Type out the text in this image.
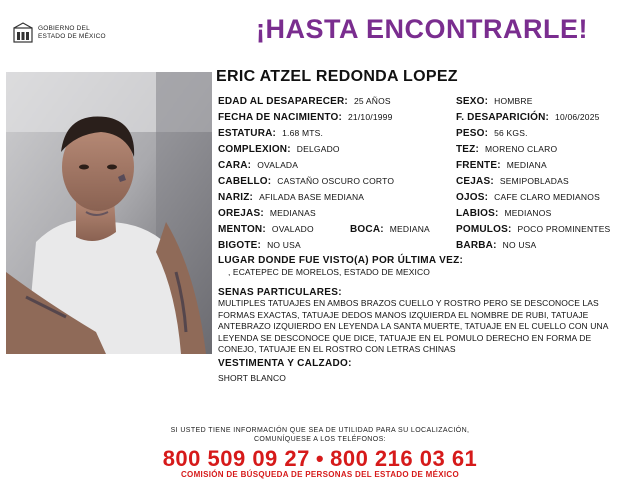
GOBIERNO DEL
ESTADO DE MÉXICO	¡HASTA ENCONTRARLE!
ERIC ATZEL REDONDA LOPEZ
EDAD AL DESAPARECER: 25 AÑOS	SEXO: HOMBRE
FECHA DE NACIMIENTO: 21/10/1999	F. DESAPARICIÓN: 10/06/2025
ESTATURA: 1.68 MTS.	PESO: 56 KGS.
COMPLEXION: DELGADO	TEZ: MORENO CLARO
CARA: OVALADA	FRENTE: MEDIANA
CABELLO: CASTAÑO OSCURO CORTO	CEJAS: SEMIPOBLADAS
NARIZ: AFILADA BASE MEDIANA	OJOS: CAFE CLARO MEDIANOS
OREJAS: MEDIANAS	LABIOS: MEDIANOS
MENTON: OVALADO	BOCA: MEDIANA	POMULOS: POCO PROMINENTES
BIGOTE: NO USA	BARBA: NO USA
LUGAR DONDE FUE VISTO(A) POR ÚLTIMA VEZ:
, ECATEPEC DE MORELOS, ESTADO DE MEXICO
SENAS PARTICULARES:
MULTIPLES TATUAJES EN AMBOS BRAZOS CUELLO Y ROSTRO PERO SE DESCONOCE LAS FORMAS EXACTAS, TATUAJE DEDOS MANOS IZQUIERDA EL NOMBRE DE RUBI, TATUAJE ANTEBRAZO IZQUIERDO EN LEYENDA LA SANTA MUERTE, TATUAJE EN EL CUELLO CON UNA LEYENDA SE DESCONOCE QUE DICE, TATUAJE EN EL POMULO DERECHO EN FORMA DE CONEJO, TATUAJE EN EL ROSTRO CON LETRAS CHINAS
VESTIMENTA Y CALZADO:
SHORT BLANCO
SI USTED TIENE INFORMACIÓN QUE SEA DE UTILIDAD PARA SU LOCALIZACIÓN,
COMUNÍQUESE A LOS TELÉFONOS:
800 509 09 27 • 800 216 03 61
COMISIÓN DE BÚSQUEDA DE PERSONAS DEL ESTADO DE MÉXICO
